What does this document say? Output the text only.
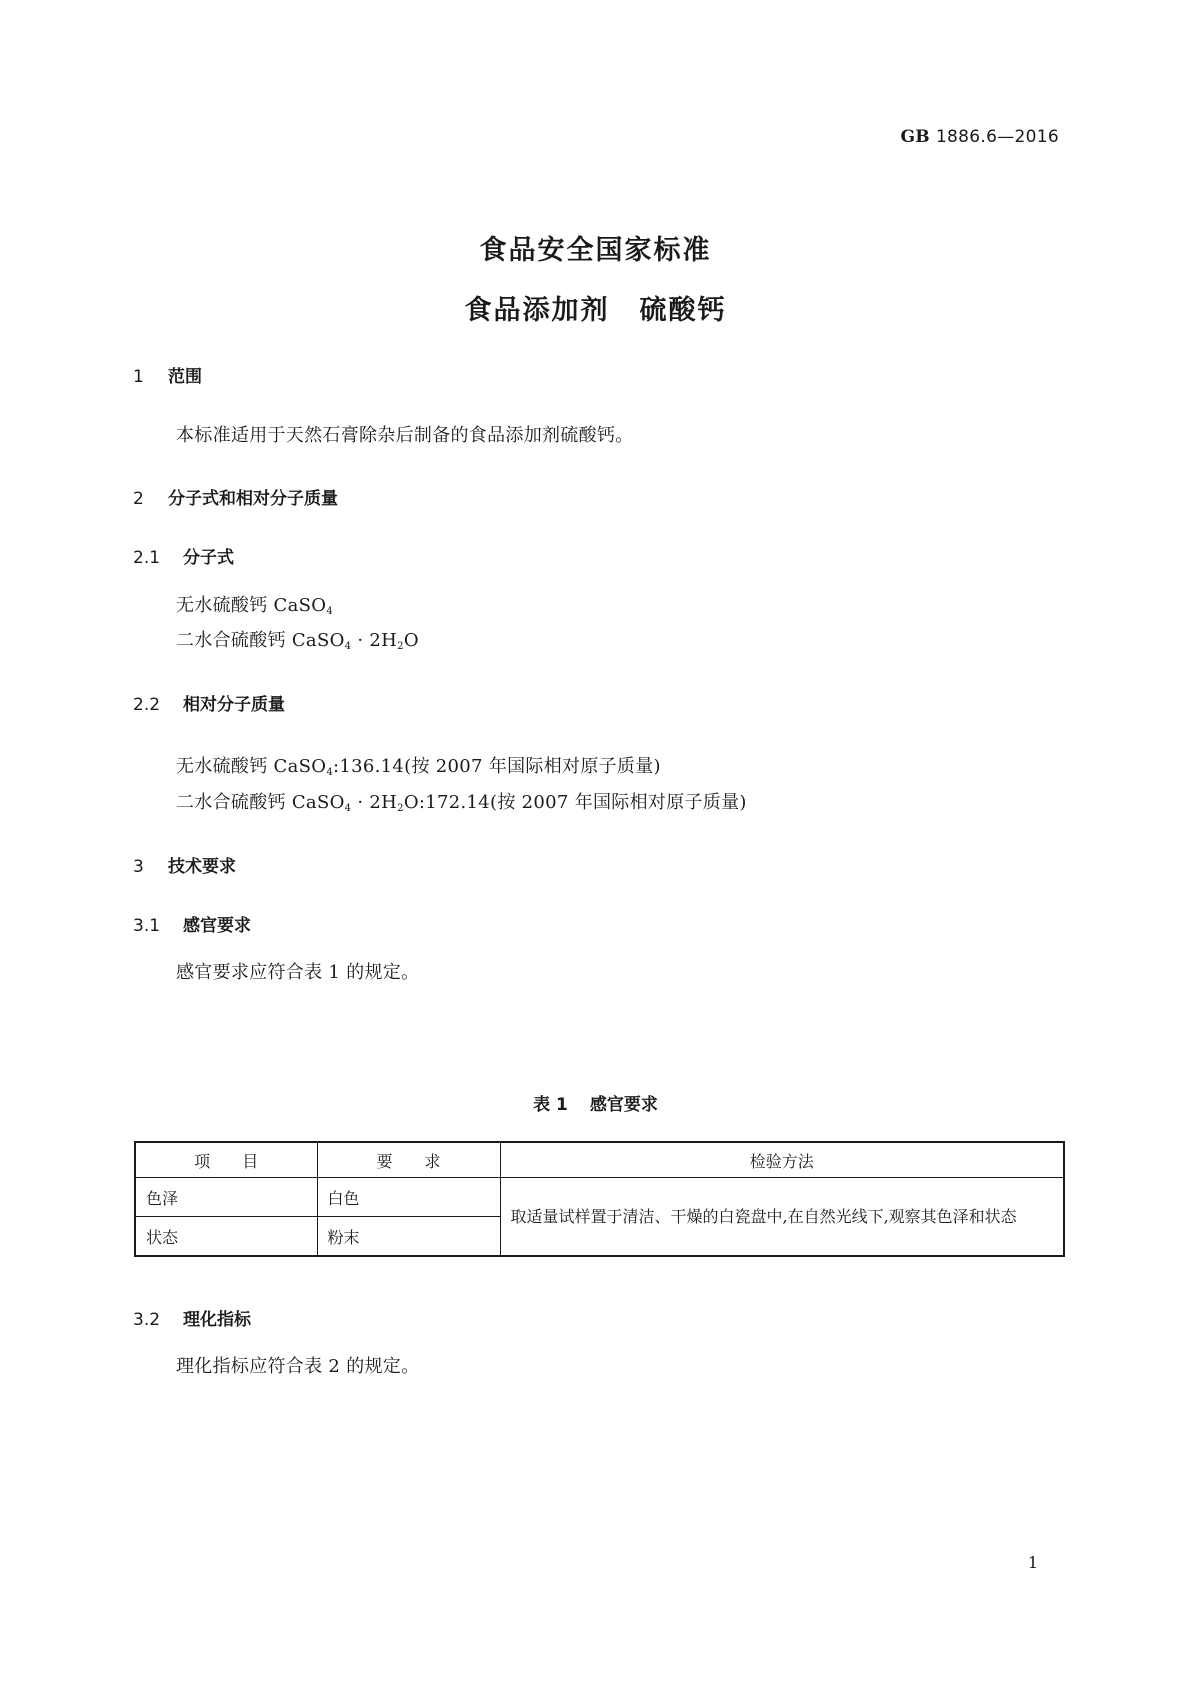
GB 1886.6—2016
食品安全国家标准
食品添加剂 硫酸钙
1 范围
本标准适用于天然石膏除杂后制备的食品添加剂硫酸钙。
2 分子式和相对分子质量
2.1 分子式
无水硫酸钙 CaSO$_4$
二水合硫酸钙 CaSO$_4$ · $2H_2O$
2.2 相对分子质量
无水硫酸钙 CaSO$_4$:136.14(按 2007 年国际相对原子质量)
二水合硫酸钙 CaSO$_4$ · $2H_2O:172.14$(按 2007 年国际相对原子质量)
3 技术要求
3.1 感官要求
感官要求应符合表 1 的规定。
表 1 感官要求
项　　目	要　　求	检验方法
色泽	白色	取适量试样置于清洁、干燥的白瓷盘中,在自然光线下,观察其色泽和状态
状态	粉末	
3.2 理化指标
理化指标应符合表 2 的规定。
1
